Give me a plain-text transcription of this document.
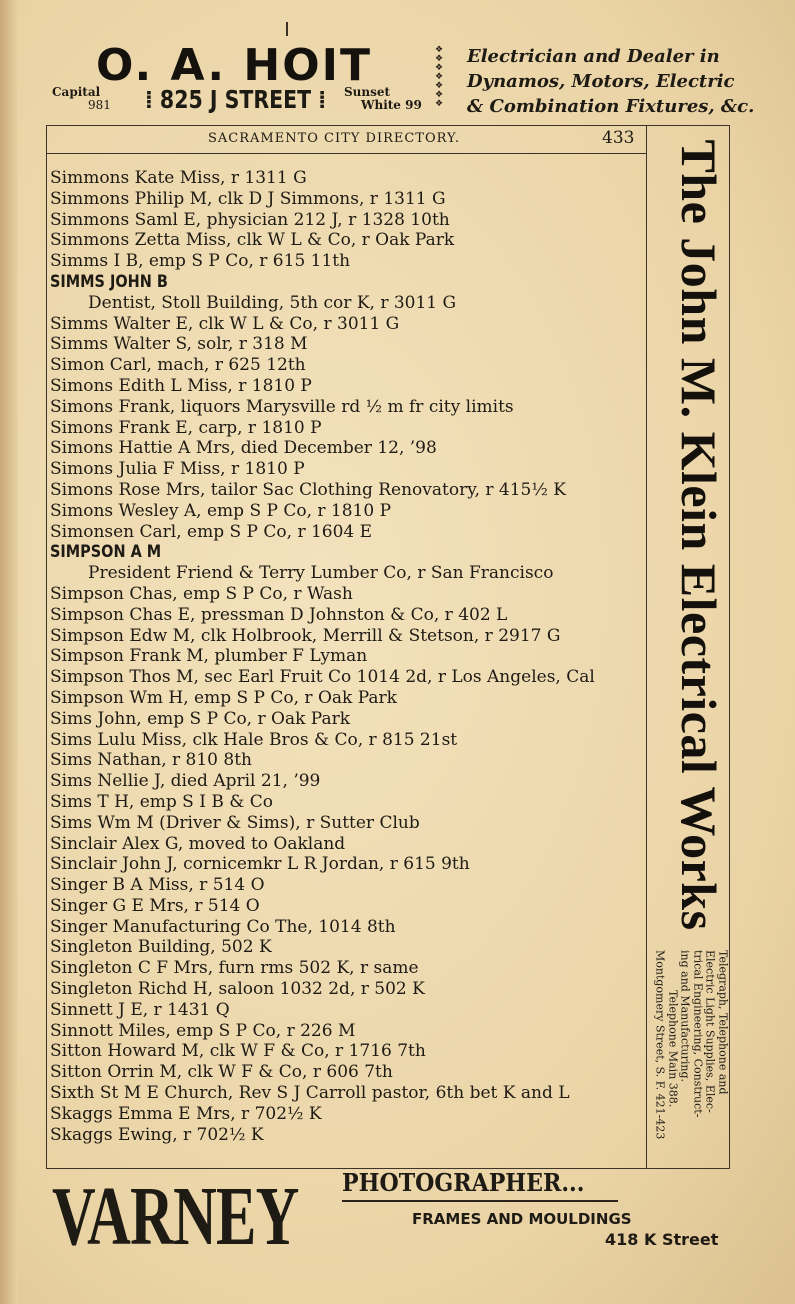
O. A. HOIT
Capital
981	⁞ 825 J STREET ⁞ Sunset
White 99
❖
❖
❖
❖
❖
❖
❖
Electrician and Dealer in
Dynamos, Motors, Electric
& Combination Fixtures, &c.
SACRAMENTO CITY DIRECTORY.	433
Simmons Kate Miss, r 1311 G
Simmons Philip M, clk D J Simmons, r 1311 G
Simmons Saml E, physician 212 J, r 1328 10th
Simmons Zetta Miss, clk W L & Co, r Oak Park
Simms I B, emp S P Co, r 615 11th
SIMMS JOHN B
Dentist, Stoll Building, 5th cor K, r 3011 G
Simms Walter E, clk W L & Co, r 3011 G
Simms Walter S, solr, r 318 M
Simon Carl, mach, r 625 12th
Simons Edith L Miss, r 1810 P
Simons Frank, liquors Marysville rd ½ m fr city limits
Simons Frank E, carp, r 1810 P
Simons Hattie A Mrs, died December 12, ’98
Simons Julia F Miss, r 1810 P
Simons Rose Mrs, tailor Sac Clothing Renovatory, r 415½ K
Simons Wesley A, emp S P Co, r 1810 P
Simonsen Carl, emp S P Co, r 1604 E
SIMPSON A M
President Friend & Terry Lumber Co, r San Francisco
Simpson Chas, emp S P Co, r Wash
Simpson Chas E, pressman D Johnston & Co, r 402 L
Simpson Edw M, clk Holbrook, Merrill & Stetson, r 2917 G
Simpson Frank M, plumber F Lyman
Simpson Thos M, sec Earl Fruit Co 1014 2d, r Los Angeles, Cal
Simpson Wm H, emp S P Co, r Oak Park
Sims John, emp S P Co, r Oak Park
Sims Lulu Miss, clk Hale Bros & Co, r 815 21st
Sims Nathan, r 810 8th
Sims Nellie J, died April 21, ’99
Sims T H, emp S I B & Co
Sims Wm M (Driver & Sims), r Sutter Club
Sinclair Alex G, moved to Oakland
Sinclair John J, cornicemkr L R Jordan, r 615 9th
Singer B A Miss, r 514 O
Singer G E Mrs, r 514 O
Singer Manufacturing Co The, 1014 8th
Singleton Building, 502 K
Singleton C F Mrs, furn rms 502 K, r same
Singleton Richd H, saloon 1032 2d, r 502 K
Sinnett J E, r 1431 Q
Sinnott Miles, emp S P Co, r 226 M
Sitton Howard M, clk W F & Co, r 1716 7th
Sitton Orrin M, clk W F & Co, r 606 7th
Sixth St M E Church, Rev S J Carroll pastor, 6th bet K and L
Skaggs Emma E Mrs, r 702½ K
Skaggs Ewing, r 702½ K
The John M. Klein Electrical Works
Telegraph, Telephone and
Electric Light Supplies, Elec-
trical Engineering, Construct-
ing and Manufacturing.
Telephone Main 388.
Montgomery Street, S. F. 421-423
VARNEY PHOTOGRAPHER...
FRAMES AND MOULDINGS
418 K Street
